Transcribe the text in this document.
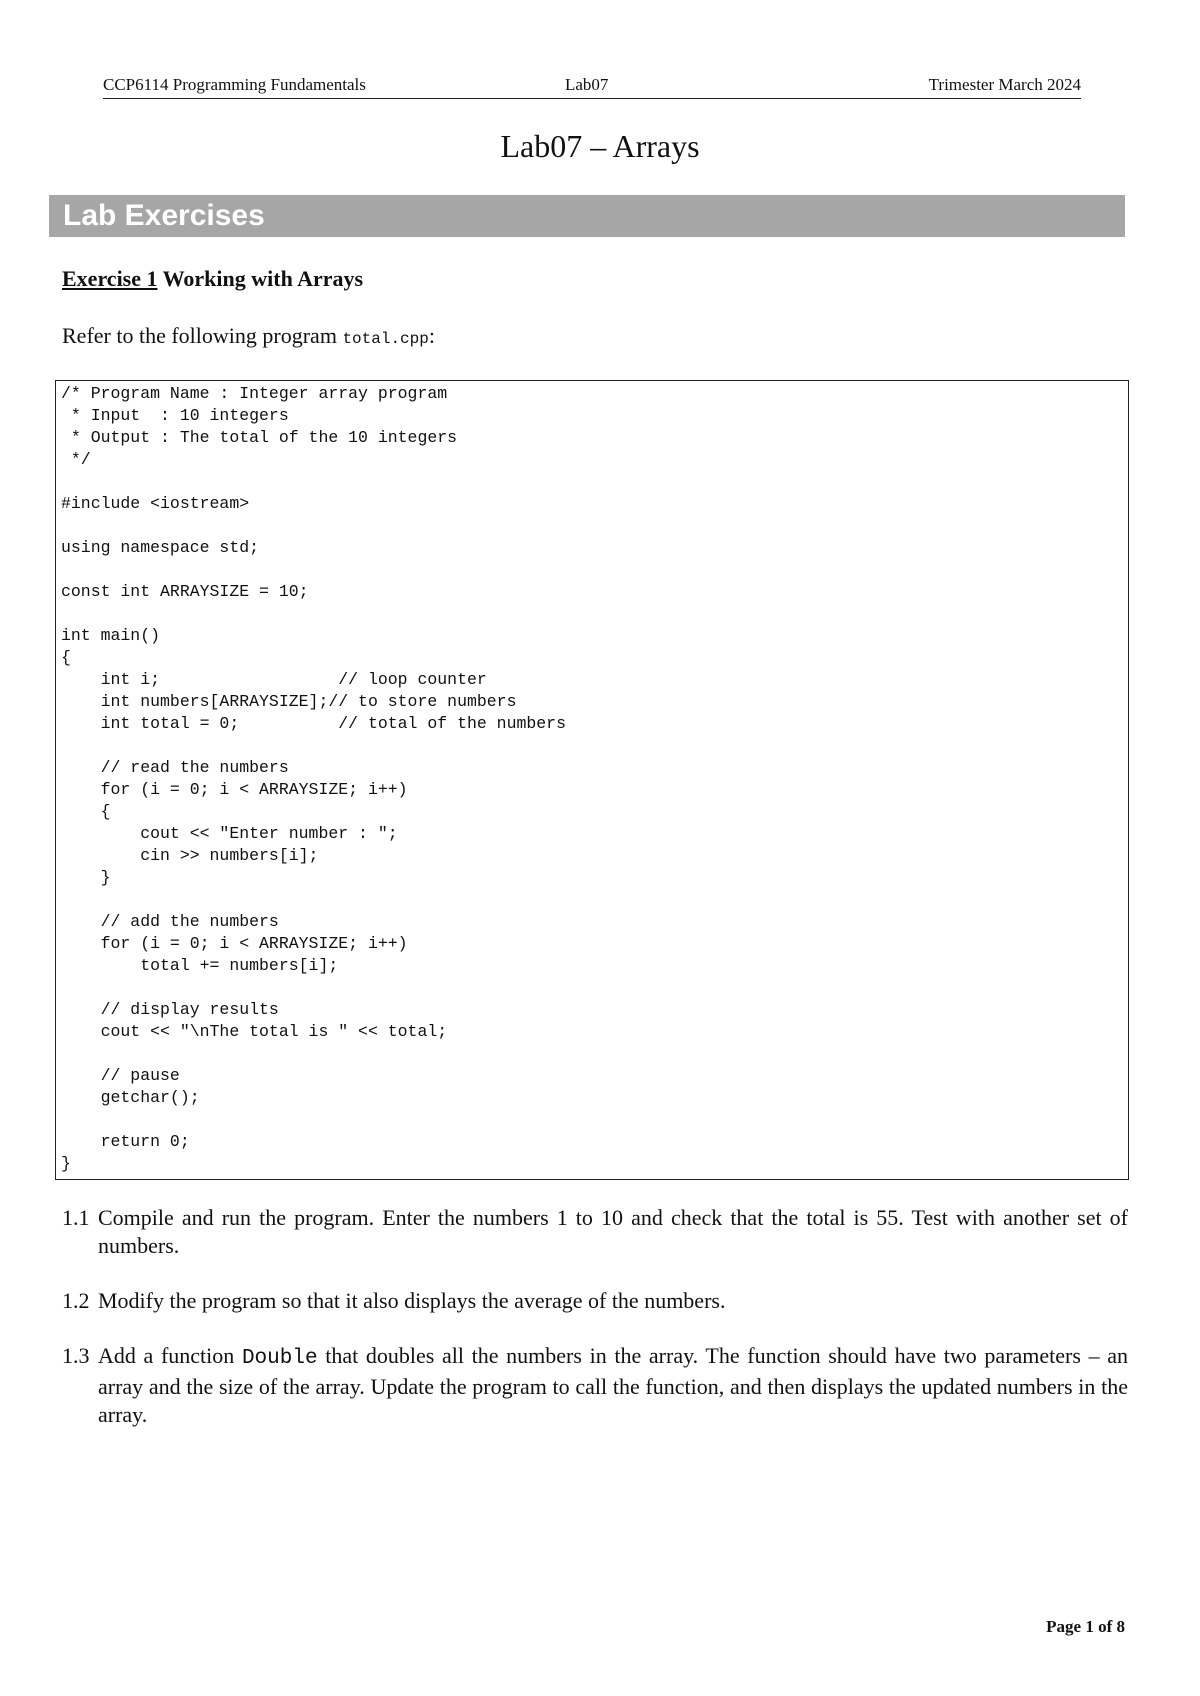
CCP6114 Programming Fundamentals	Lab07	Trimester March 2024
Lab07 – Arrays
Lab Exercises

Exercise 1 Working with Arrays

Refer to the following program total.cpp:

/* Program Name : Integer array program
* Input  : 10 integers
* Output : The total of the 10 integers
*/

#include <iostream>

using namespace std;

const int ARRAYSIZE = 10;

int main()
{
int i;                  // loop counter
int numbers[ARRAYSIZE];// to store numbers
int total = 0;          // total of the numbers

// read the numbers
for (i = 0; i < ARRAYSIZE; i++)
{
cout << "Enter number : ";
cin >> numbers[i];
}

// add the numbers
for (i = 0; i < ARRAYSIZE; i++)
total += numbers[i];

// display results
cout << "\nThe total is " << total;

// pause
getchar();

return 0;
}
1.1 Compile and run the program. Enter the numbers 1 to 10 and check that the total is 55. Test with another set of numbers.
1.2 Modify the program so that it also displays the average of the numbers.
1.3 Add a function Double that doubles all the numbers in the array. The function should have two parameters – an array and the size of the array. Update the program to call the function, and then displays the updated numbers in the array.
Page 1 of 8
